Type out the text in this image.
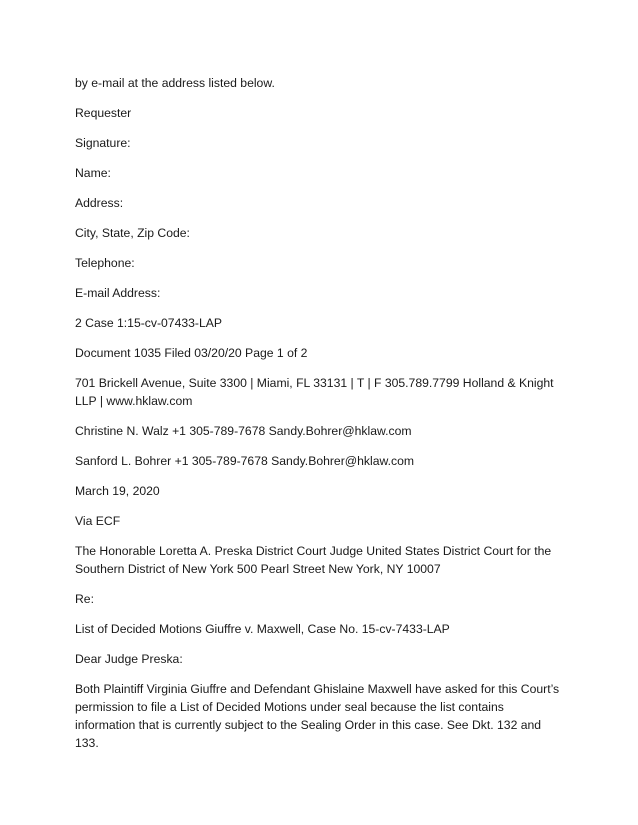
by e-mail at the address listed below.

Requester

Signature:

Name:

Address:

City, State, Zip Code:

Telephone:

E-mail Address:

2 Case 1:15-cv-07433-LAP

Document 1035 Filed 03/20/20 Page 1 of 2

701 Brickell Avenue, Suite 3300 | Miami, FL 33131 | T | F 305.789.7799 Holland & Knight LLP | www.hklaw.com

Christine N. Walz +1 305-789-7678 Sandy.Bohrer@hklaw.com

Sanford L. Bohrer +1 305-789-7678 Sandy.Bohrer@hklaw.com

March 19, 2020

Via ECF

The Honorable Loretta A. Preska District Court Judge United States District Court for the Southern District of New York 500 Pearl Street New York, NY 10007

Re:

List of Decided Motions Giuffre v. Maxwell, Case No. 15-cv-7433-LAP

Dear Judge Preska:

Both Plaintiff Virginia Giuffre and Defendant Ghislaine Maxwell have asked for this Court’s permission to file a List of Decided Motions under seal because the list contains information that is currently subject to the Sealing Order in this case. See Dkt. 132 and 133.
